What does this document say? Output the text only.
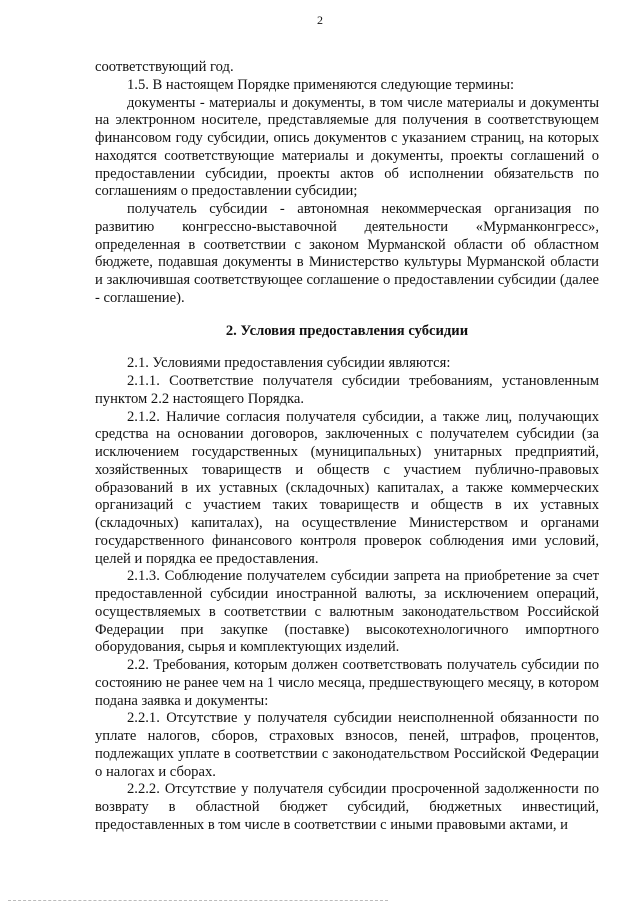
2

соответствующий год.

1.5. В настоящем Порядке применяются следующие термины:

документы - материалы и документы, в том числе материалы и документы на электронном носителе, представляемые для получения в соответствующем финансовом году субсидии, опись документов с указанием страниц, на которых находятся соответствующие материалы и документы, проекты соглашений о предоставлении субсидии, проекты актов об исполнении обязательств по соглашениям о предоставлении субсидии;

получатель субсидии - автономная некоммерческая организация по развитию конгрессно-выставочной деятельности «Мурманконгресс», определенная в соответствии с законом Мурманской области об областном бюджете, подавшая документы в Министерство культуры Мурманской области и заключившая соответствующее соглашение о предоставлении субсидии (далее - соглашение).

2. Условия предоставления субсидии

2.1. Условиями предоставления субсидии являются:

2.1.1. Соответствие получателя субсидии требованиям, установленным пунктом 2.2 настоящего Порядка.

2.1.2. Наличие согласия получателя субсидии, а также лиц, получающих средства на основании договоров, заключенных с получателем субсидии (за исключением государственных (муниципальных) унитарных предприятий, хозяйственных товариществ и обществ с участием публично-правовых образований в их уставных (складочных) капиталах, а также коммерческих организаций с участием таких товариществ и обществ в их уставных (складочных) капиталах), на осуществление Министерством и органами государственного финансового контроля проверок соблюдения ими условий, целей и порядка ее предоставления.

2.1.3. Соблюдение получателем субсидии запрета на приобретение за счет предоставленной субсидии иностранной валюты, за исключением операций, осуществляемых в соответствии с валютным законодательством Российской Федерации при закупке (поставке) высокотехнологичного импортного оборудования, сырья и комплектующих изделий.

2.2. Требования, которым должен соответствовать получатель субсидии по состоянию не ранее чем на 1 число месяца, предшествующего месяцу, в котором подана заявка и документы:

2.2.1. Отсутствие у получателя субсидии неисполненной обязанности по уплате налогов, сборов, страховых взносов, пеней, штрафов, процентов, подлежащих уплате в соответствии с законодательством Российской Федерации о налогах и сборах.

2.2.2. Отсутствие у получателя субсидии просроченной задолженности по возврату в областной бюджет субсидий, бюджетных инвестиций, предоставленных в том числе в соответствии с иными правовыми актами, и
